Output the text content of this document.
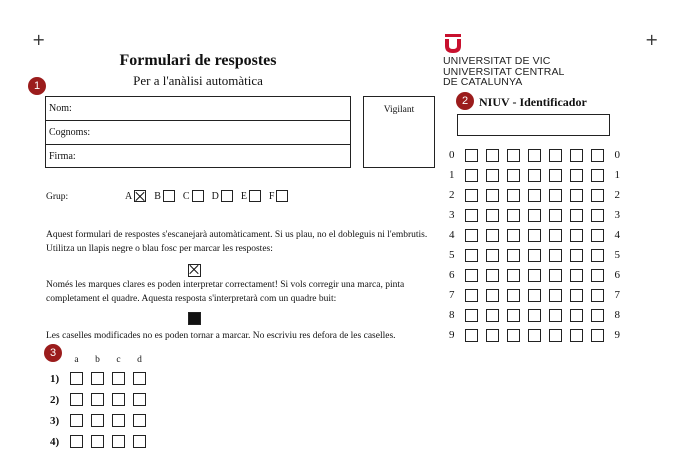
+	+
Formulari de respostes
Per a l'anàlisi automàtica
UNIVERSITAT DE VIC
UNIVERSITAT CENTRAL
DE CATALUNYA
1
Nom:
Cognoms:
Firma:
Vigilant
Grup:	A B C D E F
Aquest formulari de respostes s'escanejarà automàticament. Si us plau, no el dobleguis ni l'embrutis. Utilitza un llapis negre o blau fosc per marcar les respostes:
Només les marques clares es poden interpretar correctament! Si vols corregir una marca, pinta completament el quadre. Aquesta resposta s'interpretarà com un quadre buit:
Les caselles modificades no es poden tornar a marcar. No escriviu res defora de les caselles.
3
a	b	c	d
1)
2)
3)
4)
2 NIUV - Identificador
0	0
1	1
2	2
3	3
4	4
5	5
6	6
7	7
8	8
9	9
